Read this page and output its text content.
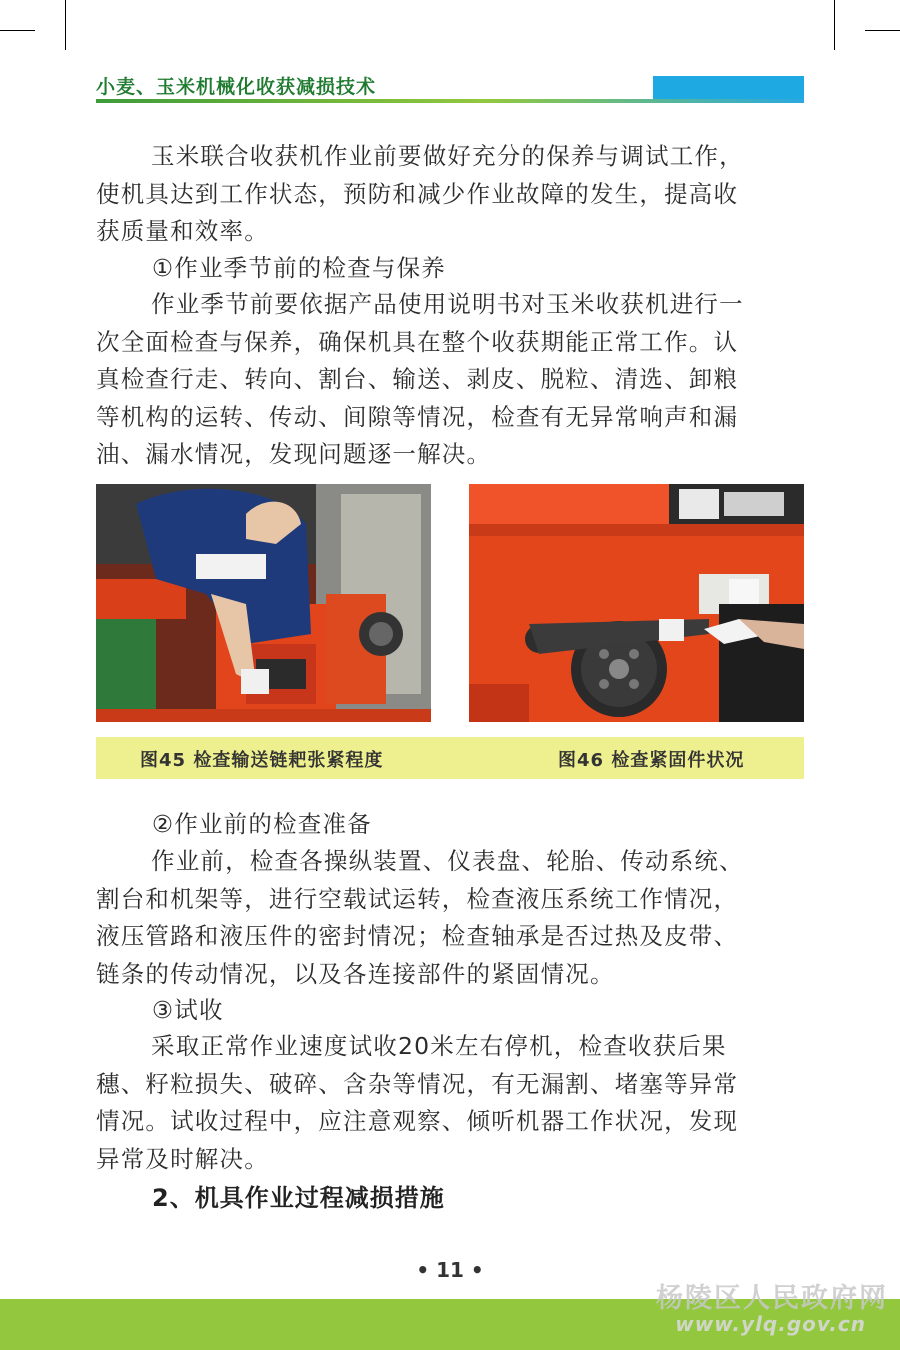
小麦、玉米机械化收获减损技术
玉米联合收获机作业前要做好充分的保养与调试工作，
使机具达到工作状态，预防和减少作业故障的发生，提高收
获质量和效率。
①作业季节前的检查与保养
作业季节前要依据产品使用说明书对玉米收获机进行一
次全面检查与保养，确保机具在整个收获期能正常工作。认
真检查行走、转向、割台、输送、剥皮、脱粒、清选、卸粮
等机构的运转、传动、间隙等情况，检查有无异常响声和漏
油、漏水情况，发现问题逐一解决。
图45 检查输送链耙张紧程度	图46 检查紧固件状况
②作业前的检查准备
作业前，检查各操纵装置、仪表盘、轮胎、传动系统、
割台和机架等，进行空载试运转，检查液压系统工作情况，
液压管路和液压件的密封情况；检查轴承是否过热及皮带、
链条的传动情况，以及各连接部件的紧固情况。
③试收
采取正常作业速度试收20米左右停机，检查收获后果
穗、籽粒损失、破碎、含杂等情况，有无漏割、堵塞等异常
情况。试收过程中，应注意观察、倾听机器工作状况，发现
异常及时解决。
2、机具作业过程减损措施
• 11 •
杨陵区人民政府网
www.ylq.gov.cn
